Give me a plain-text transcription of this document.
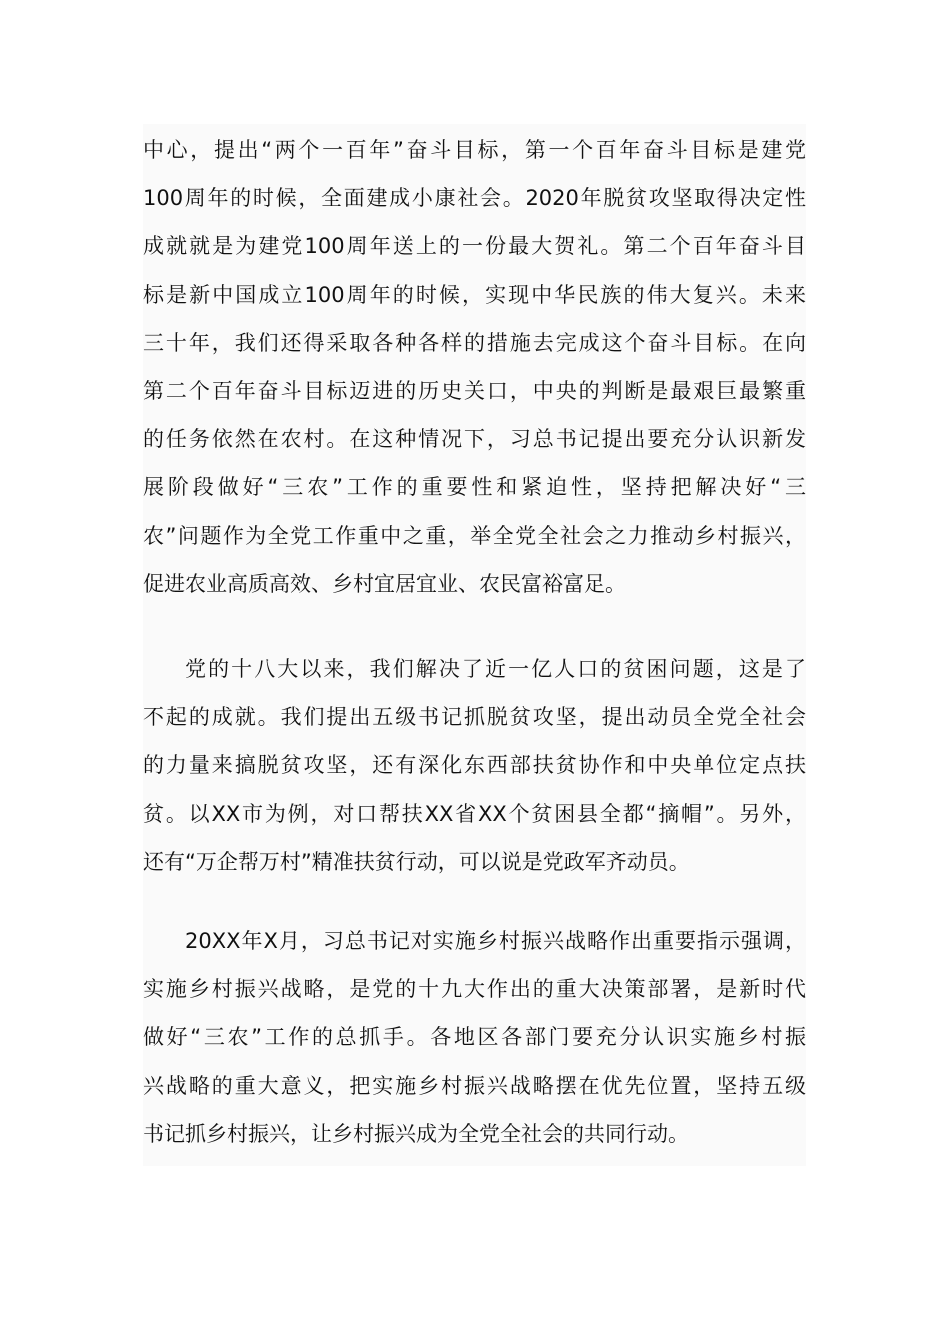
中心，提出“两个一百年”奋斗目标，第一个百年奋斗目标是建党
100周年的时候，全面建成小康社会。2020年脱贫攻坚取得决定性
成就就是为建党100周年送上的一份最大贺礼。第二个百年奋斗目
标是新中国成立100周年的时候，实现中华民族的伟大复兴。未来
三十年，我们还得采取各种各样的措施去完成这个奋斗目标。在向
第二个百年奋斗目标迈进的历史关口，中央的判断是最艰巨最繁重
的任务依然在农村。在这种情况下，习总书记提出要充分认识新发
展阶段做好“三农”工作的重要性和紧迫性，坚持把解决好“三
农”问题作为全党工作重中之重，举全党全社会之力推动乡村振兴，
促进农业高质高效、乡村宜居宜业、农民富裕富足。
党的十八大以来，我们解决了近一亿人口的贫困问题，这是了
不起的成就。我们提出五级书记抓脱贫攻坚，提出动员全党全社会
的力量来搞脱贫攻坚，还有深化东西部扶贫协作和中央单位定点扶
贫。以XX市为例，对口帮扶XX省XX个贫困县全都“摘帽”。另外，
还有“万企帮万村”精准扶贫行动，可以说是党政军齐动员。
20XX年X月，习总书记对实施乡村振兴战略作出重要指示强调，
实施乡村振兴战略，是党的十九大作出的重大决策部署，是新时代
做好“三农”工作的总抓手。各地区各部门要充分认识实施乡村振
兴战略的重大意义，把实施乡村振兴战略摆在优先位置，坚持五级
书记抓乡村振兴，让乡村振兴成为全党全社会的共同行动。
